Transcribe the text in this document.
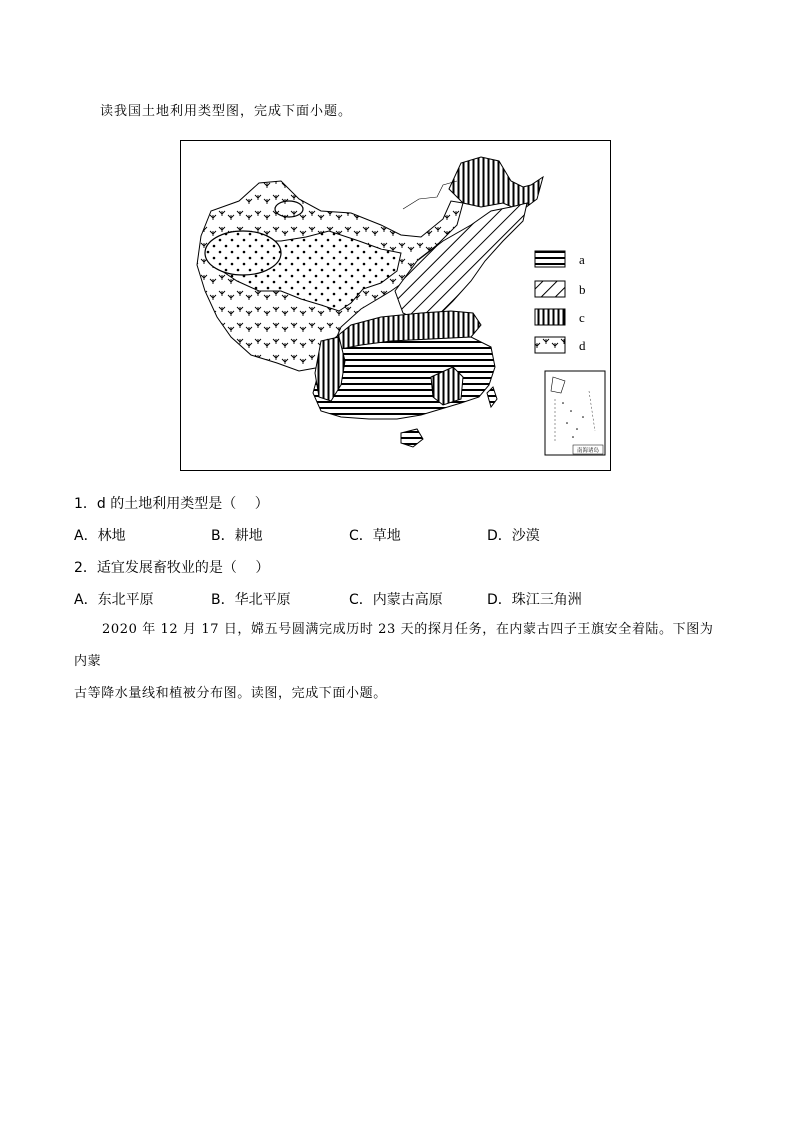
读我国土地利用类型图，完成下面小题。
a
b
c
d
南海诸岛
1．d 的土地利用类型是（　 ）
A．林地	B．耕地	C．草地	D．沙漠
2．适宜发展畜牧业的是（　 ）
A．东北平原	B．华北平原	C．内蒙古高原	D．珠江三角洲
2020 年 12 月 17 日，嫦五号圆满完成历时 23 天的探月任务，在内蒙古四子王旗安全着陆。下图为内蒙
古等降水量线和植被分布图。读图，完成下面小题。
